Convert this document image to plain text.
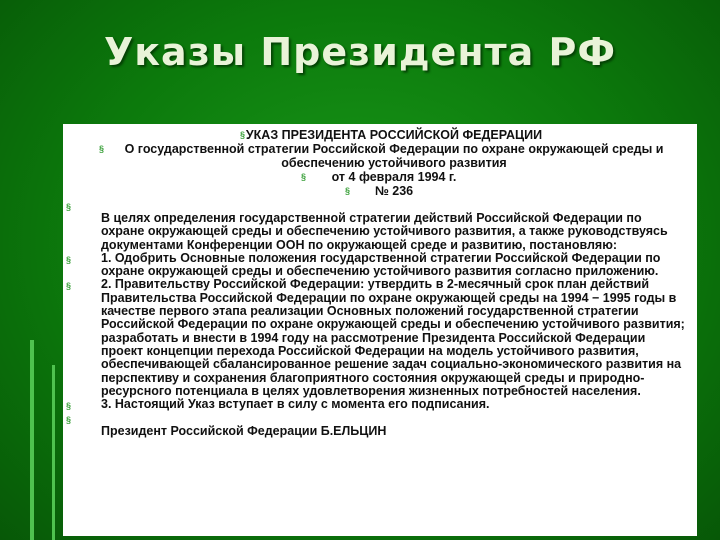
Указы Президента РФ
§ УКАЗ ПРЕЗИДЕНТА РОССИЙСКОЙ ФЕДЕРАЦИИ
§ О государственной стратегии Российской Федерации по охране окружающей среды и обеспечению устойчивого развития
§ от 4 февраля 1994 г.
§ № 236
§

В целях определения государственной стратегии действий Российской Федерации по охране окружающей среды и обеспечению устойчивого развития, а также руководствуясь документами Конференции ООН по окружающей среде и развитию, постановляю:

§ 1. Одобрить Основные положения государственной стратегии Российской Федерации по охране окружающей среды и обеспечению устойчивого развития согласно приложению.

§ 2. Правительству Российской Федерации: утвердить в 2-месячный срок план действий Правительства Российской Федерации по охране окружающей среды на 1994 − 1995 годы в качестве первого этапа реализации Основных положений государственной стратегии Российской Федерации по охране окружающей среды и обеспечению устойчивого развития; разработать и внести в 1994 году на рассмотрение Президента Российской Федерации проект концепции перехода Российской Федерации на модель устойчивого развития, обеспечивающей сбалансированное решение задач социально-экономического развития на перспективу и сохранения благоприятного состояния окружающей среды и природно-ресурсного потенциала в целях удовлетворения жизненных потребностей населения.

§ 3. Настоящий Указ вступает в силу с момента его подписания.

§
Президент Российской Федерации Б.ЕЛЬЦИН
